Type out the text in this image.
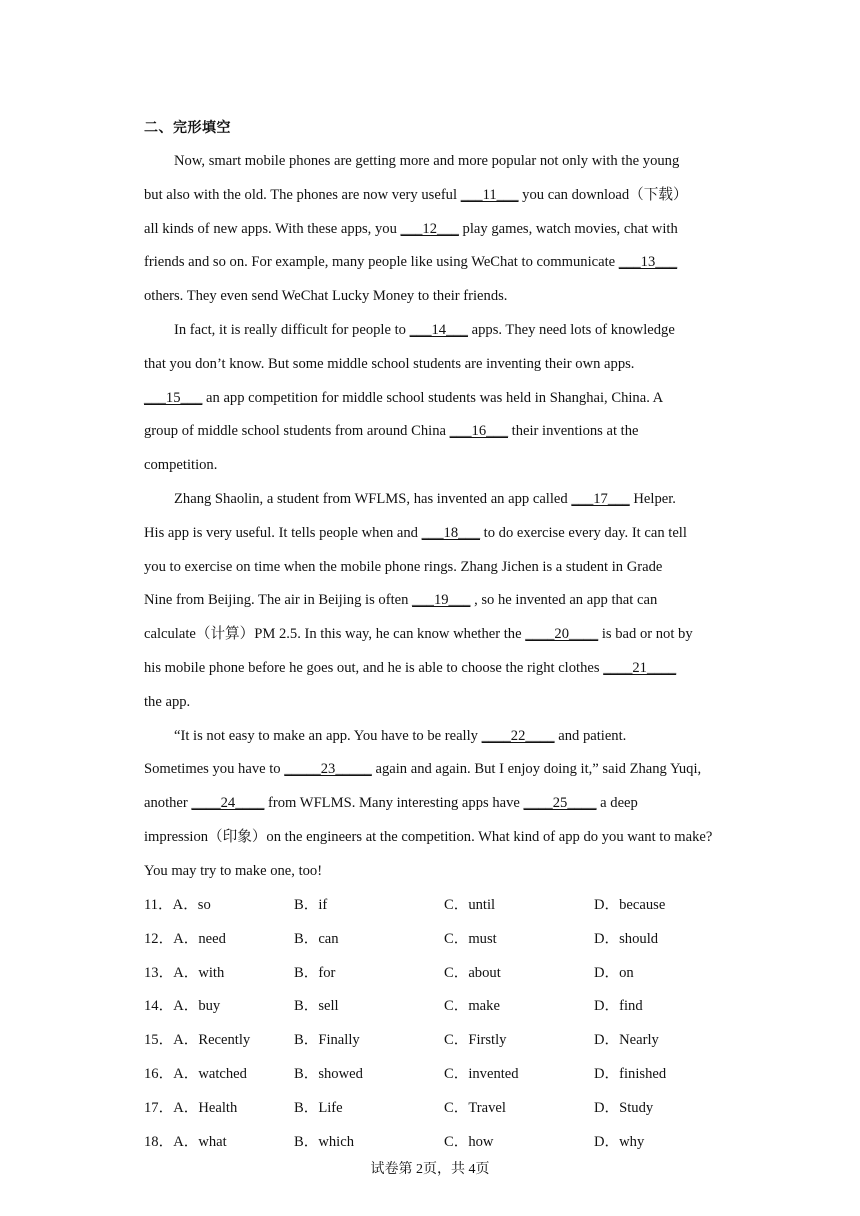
二、完形填空
Now, smart mobile phones are getting more and more popular not only with the young
but also with the old. The phones are now very useful ___11___ you can download（下载）
all kinds of new apps. With these apps, you ___12___ play games, watch movies, chat with
friends and so on. For example, many people like using WeChat to communicate ___13___
others. They even send WeChat Lucky Money to their friends.
In fact, it is really difficult for people to ___14___ apps. They need lots of knowledge
that you don’t know. But some middle school students are inventing their own apps.
___15___ an app competition for middle school students was held in Shanghai, China. A
group of middle school students from around China ___16___ their inventions at the
competition.
Zhang Shaolin, a student from WFLMS, has invented an app called ___17___ Helper.
His app is very useful. It tells people when and ___18___ to do exercise every day. It can tell
you to exercise on time when the mobile phone rings. Zhang Jichen is a student in Grade
Nine from Beijing. The air in Beijing is often ___19___ , so he invented an app that can
calculate（计算）PM 2.5. In this way, he can know whether the ____20____ is bad or not by
his mobile phone before he goes out, and he is able to choose the right clothes ____21____
the app.
“It is not easy to make an app. You have to be really ____22____ and patient.
Sometimes you have to _____23_____ again and again. But I enjoy doing it,” said Zhang Yuqi,
another ____24____ from WFLMS. Many interesting apps have ____25____ a deep
impression（印象）on the engineers at the competition. What kind of app do you want to make?
You may try to make one, too!
11．A．so	B．if	C．until	D．because
12．A．need	B．can	C．must	D．should
13．A．with	B．for	C．about	D．on
14．A．buy	B．sell	C．make	D．find
15．A．Recently	B．Finally	C．Firstly	D．Nearly
16．A．watched	B．showed	C．invented	D．finished
17．A．Health	B．Life	C．Travel	D．Study
18．A．what	B．which	C．how	D．why
试卷第 2页，共 4页
